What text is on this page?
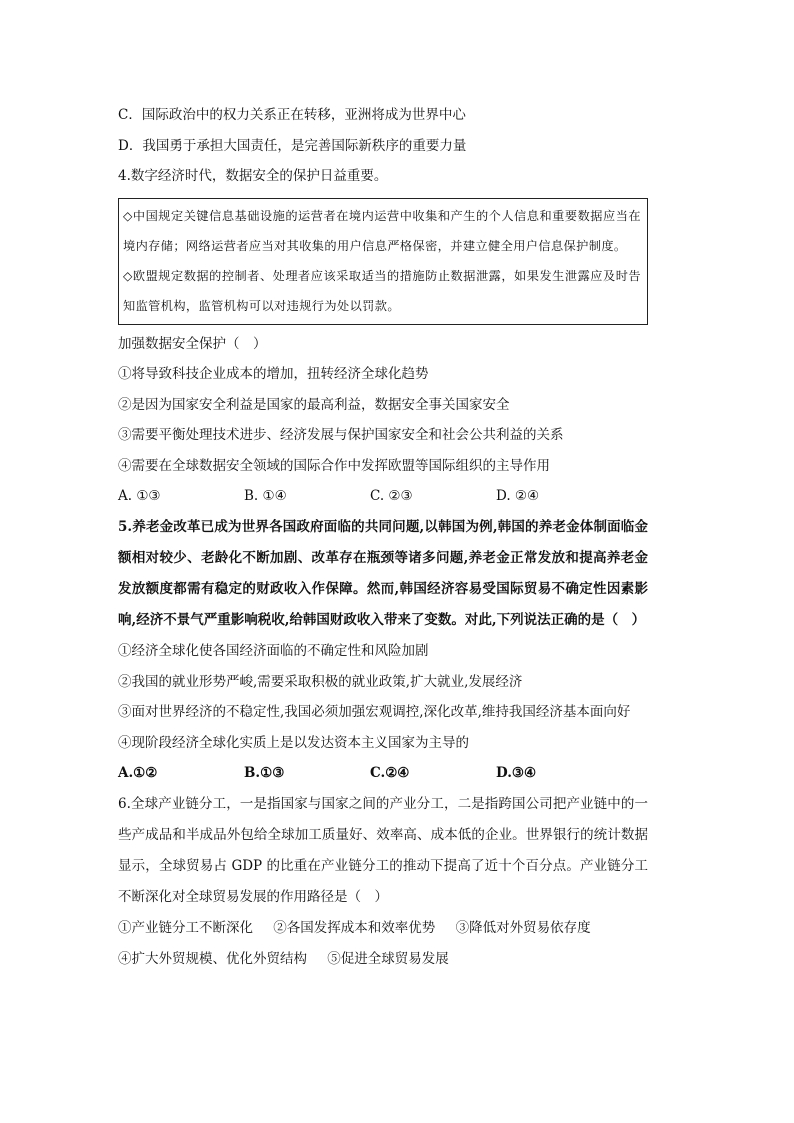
C．国际政治中的权力关系正在转移，亚洲将成为世界中心
D．我国勇于承担大国责任，是完善国际新秩序的重要力量
4.数字经济时代，数据安全的保护日益重要。

◇中国规定关键信息基础设施的运营者在境内运营中收集和产生的个人信息和重要数据应当在境内存储；网络运营者应当对其收集的用户信息严格保密，并建立健全用户信息保护制度。

◇欧盟规定数据的控制者、处理者应该采取适当的措施防止数据泄露，如果发生泄露应及时告知监管机构，监管机构可以对违规行为处以罚款。

加强数据安全保护（　）
①将导致科技企业成本的增加，扭转经济全球化趋势
②是因为国家安全利益是国家的最高利益，数据安全事关国家安全
③需要平衡处理技术进步、经济发展与保护国家安全和社会公共利益的关系
④需要在全球数据安全领域的国际合作中发挥欧盟等国际组织的主导作用
A. ①③	B. ①④	C. ②③	D. ②④
5.养老金改革已成为世界各国政府面临的共同问题,以韩国为例,韩国的养老金体制面临金额相对较少、老龄化不断加剧、改革存在瓶颈等诸多问题,养老金正常发放和提高养老金发放额度都需有稳定的财政收入作保障。然而,韩国经济容易受国际贸易不确定性因素影响,经济不景气严重影响税收,给韩国财政收入带来了变数。对此,下列说法正确的是（　）
①经济全球化使各国经济面临的不确定性和风险加剧
②我国的就业形势严峻,需要采取积极的就业政策,扩大就业,发展经济
③面对世界经济的不稳定性,我国必须加强宏观调控,深化改革,维持我国经济基本面向好
④现阶段经济全球化实质上是以发达资本主义国家为主导的
A.①②	B.①③	C.②④	D.③④
6.全球产业链分工，一是指国家与国家之间的产业分工，二是指跨国公司把产业链中的一些产成品和半成品外包给全球加工质量好、效率高、成本低的企业。世界银行的统计数据显示，全球贸易占 GDP 的比重在产业链分工的推动下提高了近十个百分点。产业链分工不断深化对全球贸易发展的作用路径是（　）
①产业链分工不断深化 ②各国发挥成本和效率优势 ③降低对外贸易依存度
④扩大外贸规模、优化外贸结构 ⑤促进全球贸易发展
